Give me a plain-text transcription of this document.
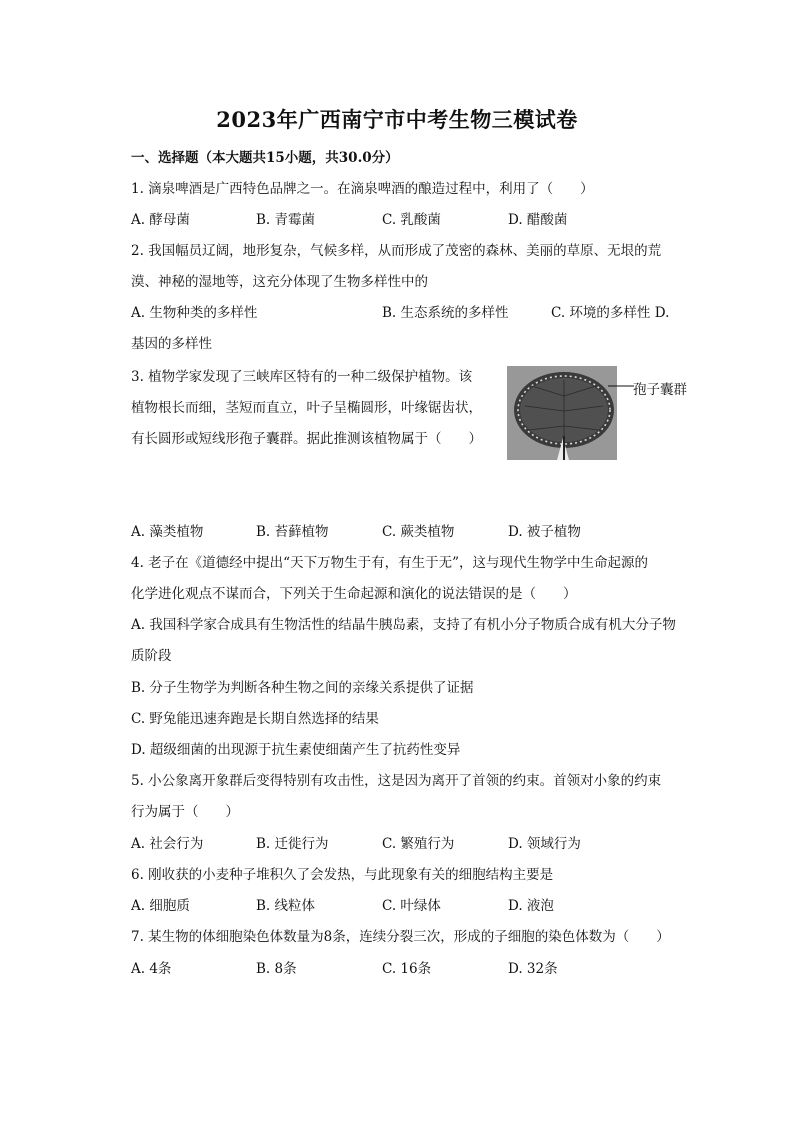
2023年广西南宁市中考生物三模试卷
一、选择题（本大题共15小题，共30.0分）
1. 滴泉啤酒是广西特色品牌之一。在滴泉啤酒的酿造过程中，利用了（　　）
A. 酵母菌	B. 青霉菌	C. 乳酸菌	D. 醋酸菌
2. 我国幅员辽阔，地形复杂，气候多样，从而形成了茂密的森林、美丽的草原、无垠的荒
漠、神秘的湿地等，这充分体现了生物多样性中的
A. 生物种类的多样性	B. 生态系统的多样性	C. 环境的多样性 D.
基因的多样性
3. 植物学家发现了三峡库区特有的一种二级保护植物。该
植物根长而细，茎短而直立，叶子呈椭圆形，叶缘锯齿状，
有长圆形或短线形孢子囊群。据此推测该植物属于（　　）
孢子囊群
A. 藻类植物	B. 苔藓植物	C. 蕨类植物	D. 被子植物
4. 老子在《道德经中提出“天下万物生于有，有生于无”，这与现代生物学中生命起源的
化学进化观点不谋而合，下列关于生命起源和演化的说法错误的是（　　）
A. 我国科学家合成具有生物活性的结晶牛胰岛素，支持了有机小分子物质合成有机大分子物
质阶段
B. 分子生物学为判断各种生物之间的亲缘关系提供了证据
C. 野兔能迅速奔跑是长期自然选择的结果
D. 超级细菌的出现源于抗生素使细菌产生了抗药性变异
5. 小公象离开象群后变得特别有攻击性，这是因为离开了首领的约束。首领对小象的约束
行为属于（　　）
A. 社会行为	B. 迁徙行为	C. 繁殖行为	D. 领域行为
6. 刚收获的小麦种子堆积久了会发热，与此现象有关的细胞结构主要是
A. 细胞质	B. 线粒体	C. 叶绿体	D. 液泡
7. 某生物的体细胞染色体数量为8条，连续分裂三次，形成的子细胞的染色体数为（　　）
A. 4条	B. 8条	C. 16条	D. 32条
